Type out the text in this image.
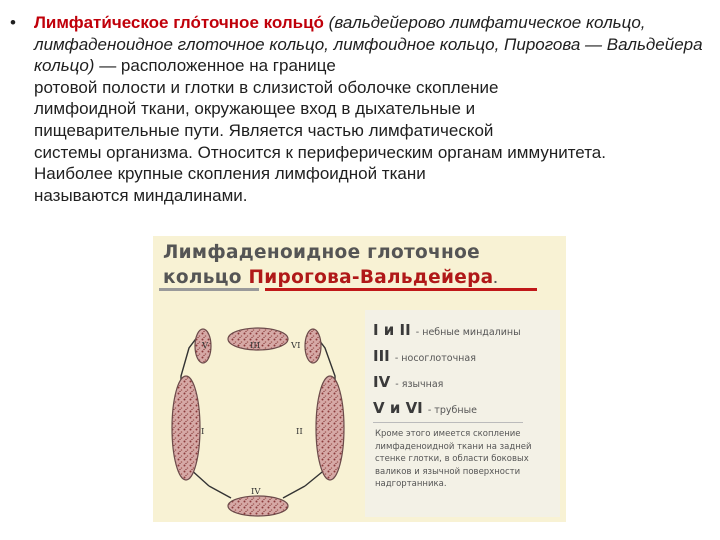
•	Лимфати́ческое гло́точное кольцо́ (вальдейерово лимфатическое кольцо, лимфаденоидное глоточное кольцо, лимфоидное кольцо, Пирогова — Вальдейера кольцо) — расположенное на границе
ротовой полости и глотки в слизистой оболочке скопление
лимфоидной ткани, окружающее вход в дыхательные и
пищеварительные пути. Является частью лимфатической
системы организма. Относится к периферическим органам иммунитета.
Наиболее крупные скопления лимфоидной ткани
называются миндалинами.
Лимфаденоидное глоточное
кольцо Пирогова-Вальдейера.
III
V	VI
I	II
IV
I и II - небные миндалины
III - носоглоточная
IV - язычная
V и VI - трубные
Кроме этого имеется скопление лимфаденоидной ткани на задней стенке глотки, в области боковых валиков и язычной поверхности надгортанника.
